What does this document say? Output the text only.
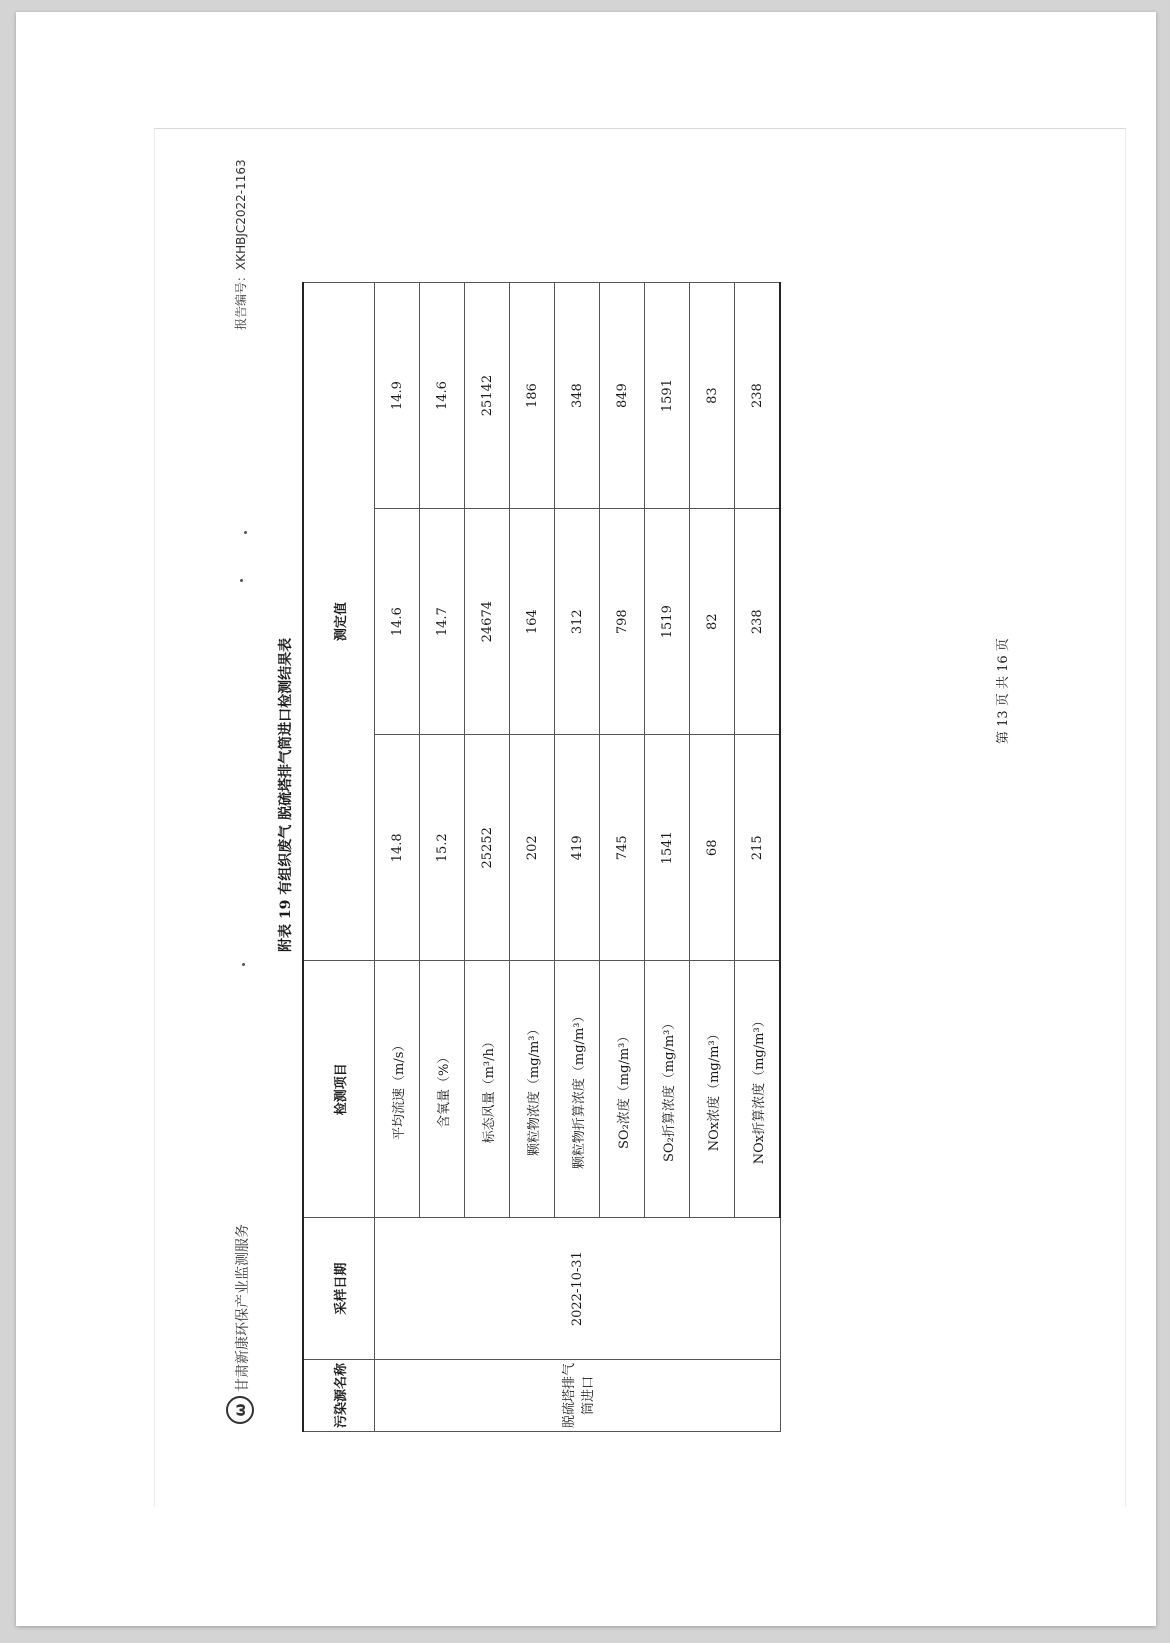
ω
甘肃新康环保产业监测服务
报告编号：XKHBJC2022-1163
附表 19 有组织废气 脱硫塔排气筒进口检测结果表
污染源名称	采样日期	检测项目	测定值		
脱硫塔排气筒进口	2022-10-31	平均流速（m/s）	14.8	14.6	14.9
		含氧量（%）	15.2	14.7	14.6
		标态风量（m³/h）	25252	24674	25142
		颗粒物浓度（mg/m³）	202	164	186
		颗粒物折算浓度（mg/m³）	419	312	348
		SO₂浓度（mg/m³）	745	798	849
		SO₂折算浓度（mg/m³）	1541	1519	1591
		NOx浓度（mg/m³）	68	82	83
		NOx折算浓度（mg/m³）	215	238	238
第 13 页 共 16 页
